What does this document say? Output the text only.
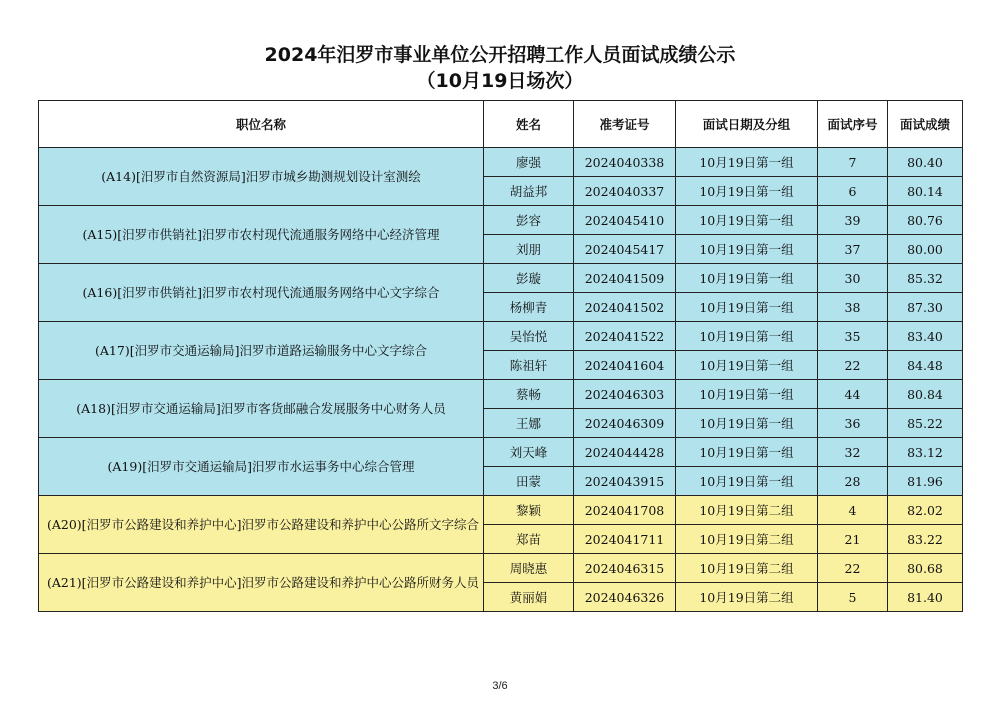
2024年汨罗市事业单位公开招聘工作人员面试成绩公示
（10月19日场次）
职位名称	姓名	准考证号	面试日期及分组	面试序号	面试成绩
(A14)[汨罗市自然资源局]汨罗市城乡勘测规划设计室测绘	廖强	2024040338	10月19日第一组	7	80.40
	胡益邦	2024040337	10月19日第一组	6	80.14
(A15)[汨罗市供销社]汨罗市农村现代流通服务网络中心经济管理	彭容	2024045410	10月19日第一组	39	80.76
	刘朋	2024045417	10月19日第一组	37	80.00
(A16)[汨罗市供销社]汨罗市农村现代流通服务网络中心文字综合	彭璇	2024041509	10月19日第一组	30	85.32
	杨柳青	2024041502	10月19日第一组	38	87.30
(A17)[汨罗市交通运输局]汨罗市道路运输服务中心文字综合	吴怡悦	2024041522	10月19日第一组	35	83.40
	陈祖轩	2024041604	10月19日第一组	22	84.48
(A18)[汨罗市交通运输局]汨罗市客货邮融合发展服务中心财务人员	蔡畅	2024046303	10月19日第一组	44	80.84
	王娜	2024046309	10月19日第一组	36	85.22
(A19)[汨罗市交通运输局]汨罗市水运事务中心综合管理	刘天峰	2024044428	10月19日第一组	32	83.12
	田蒙	2024043915	10月19日第一组	28	81.96
(A20)[汨罗市公路建设和养护中心]汨罗市公路建设和养护中心公路所文字综合	黎颖	2024041708	10月19日第二组	4	82.02
	郑苗	2024041711	10月19日第二组	21	83.22
(A21)[汨罗市公路建设和养护中心]汨罗市公路建设和养护中心公路所财务人员	周晓惠	2024046315	10月19日第二组	22	80.68
	黄丽娟	2024046326	10月19日第二组	5	81.40
3/6
